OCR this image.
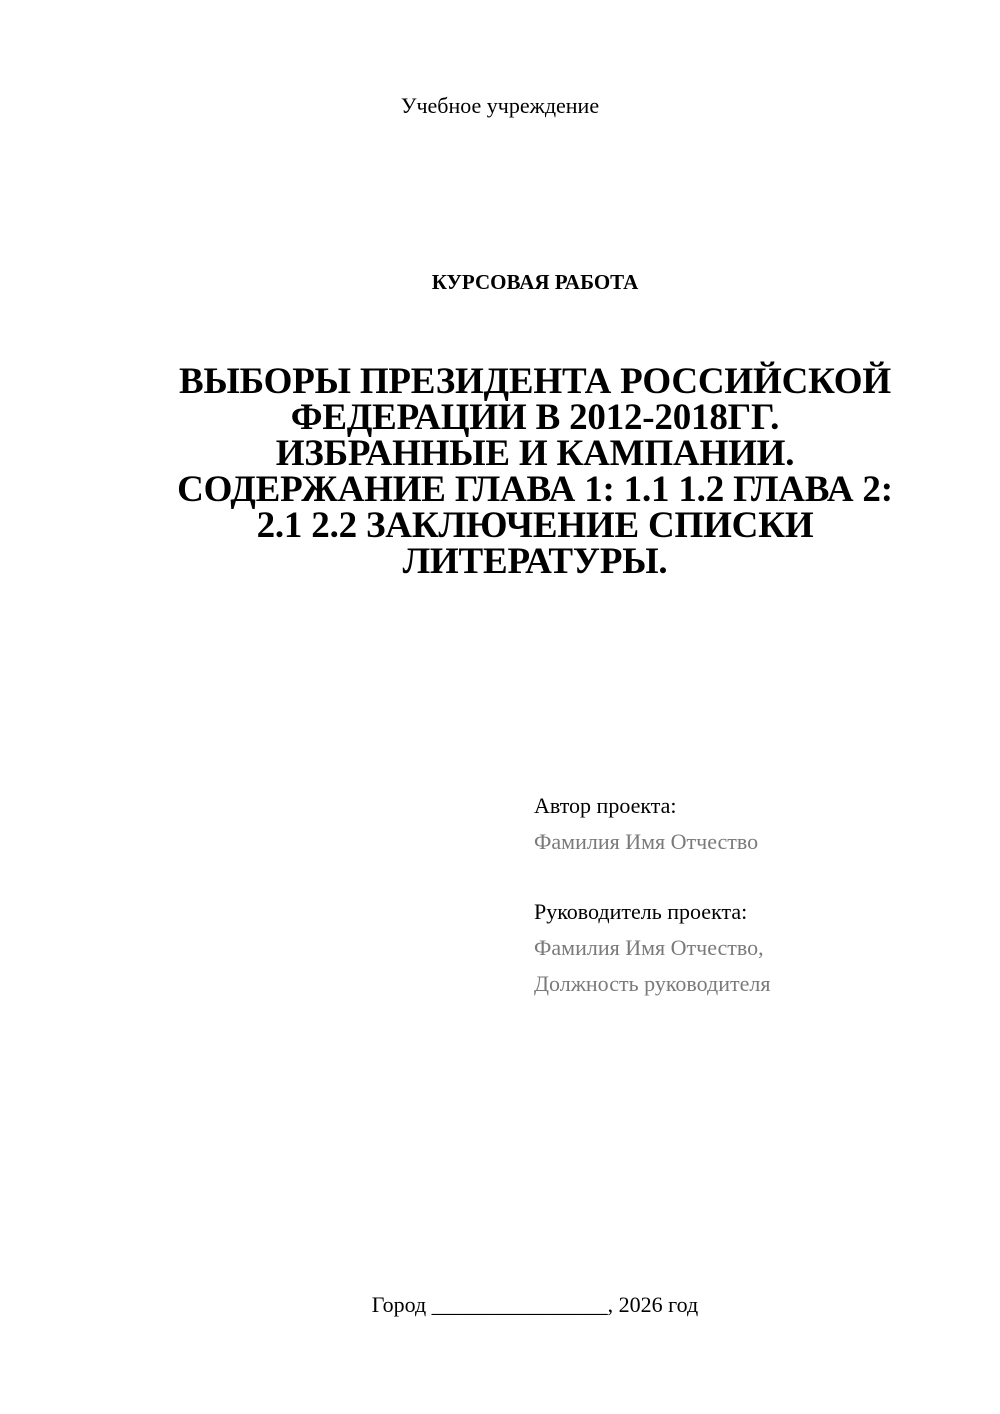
Учебное учреждение
КУРСОВАЯ РАБОТА
ВЫБОРЫ ПРЕЗИДЕНТА РОССИЙСКОЙ
ФЕДЕРАЦИИ В 2012-2018ГГ.
ИЗБРАННЫЕ И КАМПАНИИ.
СОДЕРЖАНИЕ ГЛАВА 1: 1.1 1.2 ГЛАВА 2:
2.1 2.2 ЗАКЛЮЧЕНИЕ СПИСКИ
ЛИТЕРАТУРЫ.
Автор проекта:
Фамилия Имя Отчество
Руководитель проекта:
Фамилия Имя Отчество,
Должность руководителя
Город ________________, 2026 год
